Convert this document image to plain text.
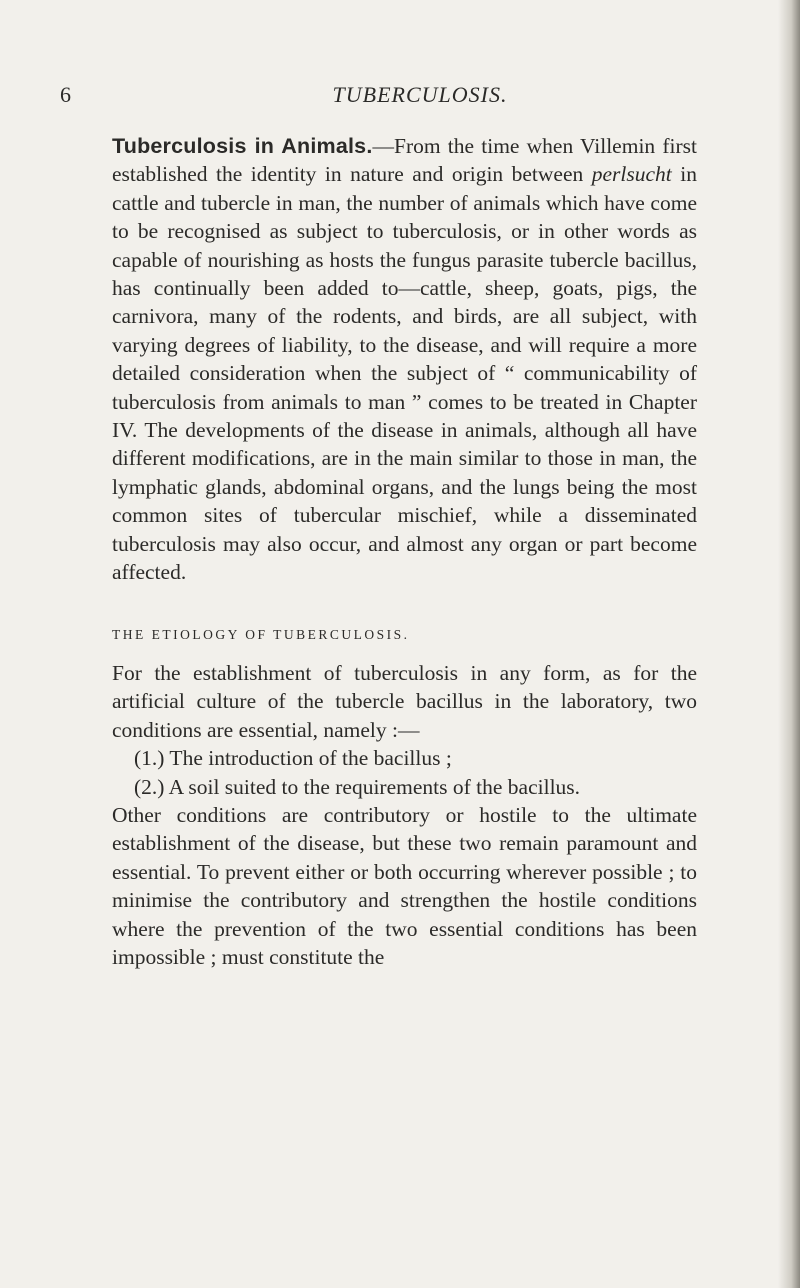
6	TUBERCULOSIS.

Tuberculosis in Animals.—From the time when Villemin first established the identity in nature and origin between perlsucht in cattle and tubercle in man, the number of animals which have come to be recognised as subject to tuberculosis, or in other words as capable of nourishing as hosts the fungus parasite tubercle bacillus, has continually been added to—cattle, sheep, goats, pigs, the carnivora, many of the rodents, and birds, are all subject, with varying degrees of liability, to the disease, and will require a more detailed consideration when the subject of “ communicability of tuberculosis from animals to man ” comes to be treated in Chapter IV. The developments of the disease in animals, although all have different modifications, are in the main similar to those in man, the lymphatic glands, abdominal organs, and the lungs being the most common sites of tubercular mischief, while a disseminated tuberculosis may also occur, and almost any organ or part become affected.

THE ETIOLOGY OF TUBERCULOSIS.

For the establishment of tuberculosis in any form, as for the artificial culture of the tubercle bacillus in the laboratory, two conditions are essential, namely :—

(1.) The introduction of the bacillus ;

(2.) A soil suited to the requirements of the bacillus.

Other conditions are contributory or hostile to the ultimate establishment of the disease, but these two remain paramount and essential. To prevent either or both occurring wherever possible ; to minimise the contributory and strengthen the hostile conditions where the prevention of the two essential conditions has been impossible ; must constitute the
